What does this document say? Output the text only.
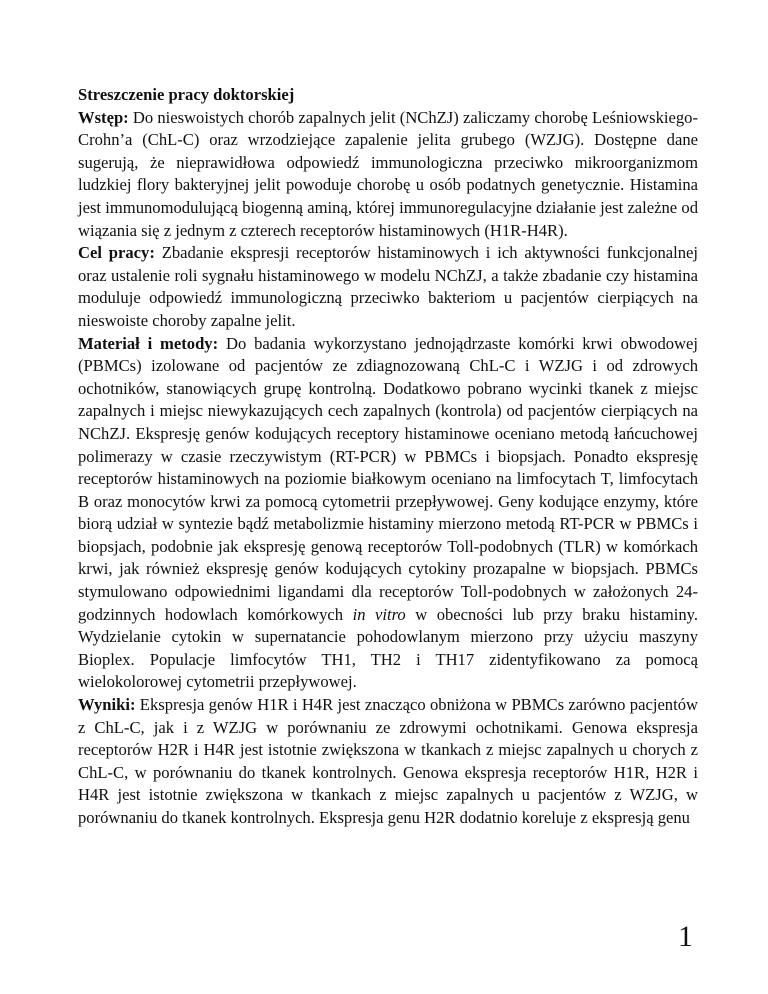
Streszczenie pracy doktorskiej

Wstęp: Do nieswoistych chorób zapalnych jelit (NChZJ) zaliczamy chorobę Leśniowskiego-Crohn’a (ChL-C) oraz wrzodziejące zapalenie jelita grubego (WZJG). Dostępne dane sugerują, że nieprawidłowa odpowiedź immunologiczna przeciwko mikroorganizmom ludzkiej flory bakteryjnej jelit powoduje chorobę u osób podatnych genetycznie. Histamina jest immunomodulującą biogenną aminą, której immunoregulacyjne działanie jest zależne od wiązania się z jednym z czterech receptorów histaminowych (H1R-H4R).

Cel pracy: Zbadanie ekspresji receptorów histaminowych i ich aktywności funkcjonalnej oraz ustalenie roli sygnału histaminowego w modelu NChZJ, a także zbadanie czy histamina moduluje odpowiedź immunologiczną przeciwko bakteriom u pacjentów cierpiących na nieswoiste choroby zapalne jelit.

Materiał i metody: Do badania wykorzystano jednojądrzaste komórki krwi obwodowej (PBMCs) izolowane od pacjentów ze zdiagnozowaną ChL-C i WZJG i od zdrowych ochotników, stanowiących grupę kontrolną. Dodatkowo pobrano wycinki tkanek z miejsc zapalnych i miejsc niewykazujących cech zapalnych (kontrola) od pacjentów cierpiących na NChZJ. Ekspresję genów kodujących receptory histaminowe oceniano metodą łańcuchowej polimerazy w czasie rzeczywistym (RT-PCR) w PBMCs i biopsjach. Ponadto ekspresję receptorów histaminowych na poziomie białkowym oceniano na limfocytach T, limfocytach B oraz monocytów krwi za pomocą cytometrii przepływowej. Geny kodujące enzymy, które biorą udział w syntezie bądź metabolizmie histaminy mierzono metodą RT-PCR w PBMCs i biopsjach, podobnie jak ekspresję genową receptorów Toll-podobnych (TLR) w komórkach krwi, jak również ekspresję genów kodujących cytokiny prozapalne w biopsjach. PBMCs stymulowano odpowiednimi ligandami dla receptorów Toll-podobnych w założonych 24-godzinnych hodowlach komórkowych in vitro w obecności lub przy braku histaminy. Wydzielanie cytokin w supernatancie pohodowlanym mierzono przy użyciu maszyny Bioplex. Populacje limfocytów TH1, TH2 i TH17 zidentyfikowano za pomocą wielokolorowej cytometrii przepływowej.

Wyniki: Ekspresja genów H1R i H4R jest znacząco obniżona w PBMCs zarówno pacjentów z ChL-C, jak i z WZJG w porównaniu ze zdrowymi ochotnikami. Genowa ekspresja receptorów H2R i H4R jest istotnie zwiększona w tkankach z miejsc zapalnych u chorych z ChL-C, w porównaniu do tkanek kontrolnych. Genowa ekspresja receptorów H1R, H2R i H4R jest istotnie zwiększona w tkankach z miejsc zapalnych u pacjentów z WZJG, w porównaniu do tkanek kontrolnych. Ekspresja genu H2R dodatnio koreluje z ekspresją genu

1
